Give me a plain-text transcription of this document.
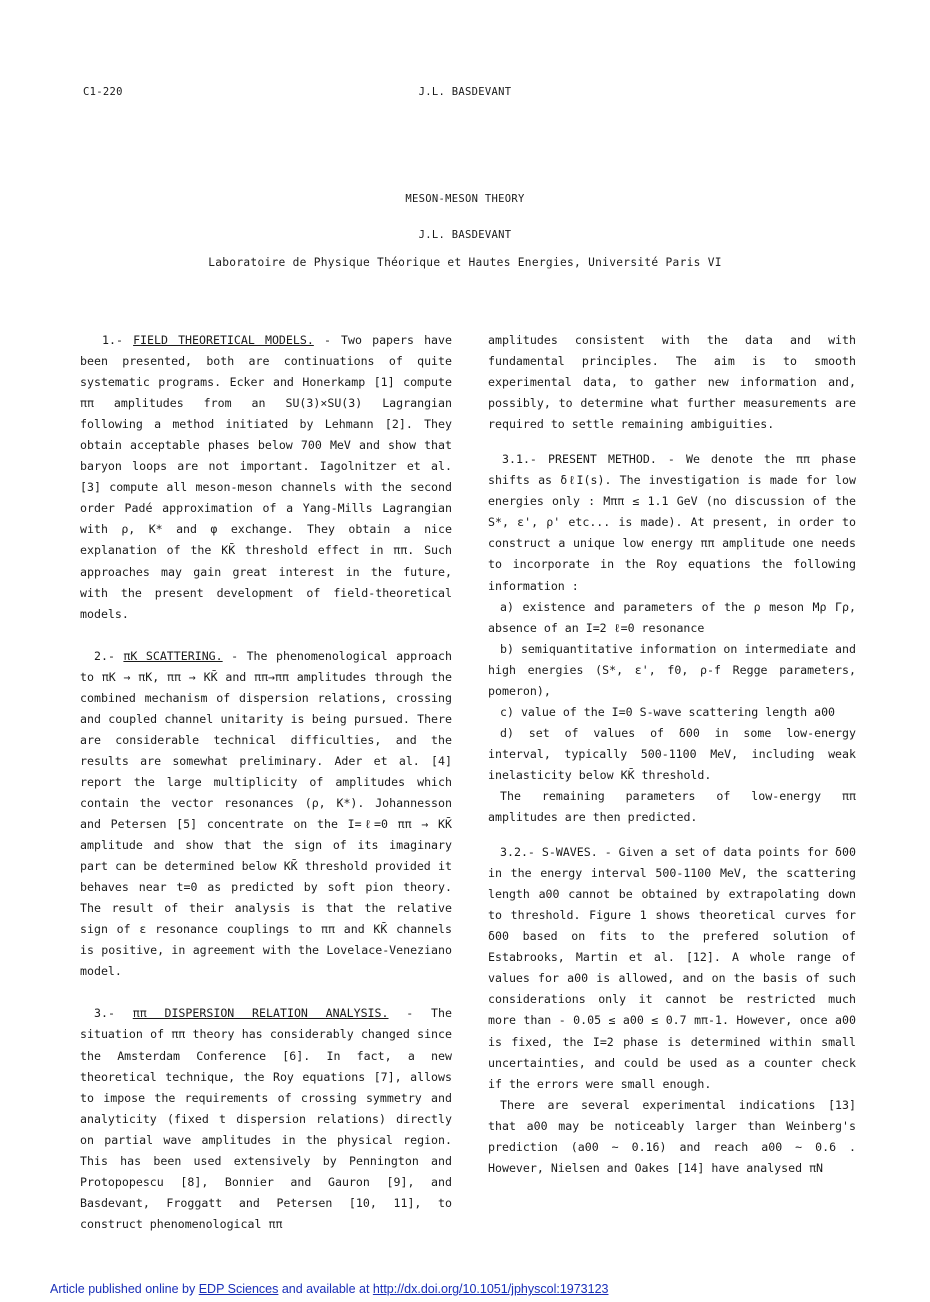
C1-220	J.L. BASDEVANT
MESON-MESON THEORY
J.L. BASDEVANT
Laboratoire de Physique Théorique et Hautes Energies, Université Paris VI

1.- FIELD THEORETICAL MODELS. - Two papers have been presented, both are continuations of quite systematic programs. Ecker and Honerkamp [1] compute ππ amplitudes from an SU(3)×SU(3) Lagrangian following a method initiated by Lehmann [2]. They obtain acceptable phases below 700 MeV and show that baryon loops are not important. Iagolnitzer et al. [3] compute all meson-meson channels with the second order Padé approximation of a Yang-Mills Lagrangian with ρ, K* and φ exchange. They obtain a nice explanation of the KK̄ threshold effect in ππ. Such approaches may gain great interest in the future, with the present development of field-theoretical models.

2.- πK SCATTERING. - The phenomenological approach to πK → πK, ππ → KK̄ and ππ→ππ amplitudes through the combined mechanism of dispersion relations, crossing and coupled channel unitarity is being pursued. There are considerable technical difficulties, and the results are somewhat preliminary. Ader et al. [4] report the large multiplicity of amplitudes which contain the vector resonances (ρ, K*). Johannesson and Petersen [5] concentrate on the I=ℓ=0 ππ → KK̄ amplitude and show that the sign of its imaginary part can be determined below KK̄ threshold provided it behaves near t=0 as predicted by soft pion theory. The result of their analysis is that the relative sign of ε resonance couplings to ππ and KK̄ channels is positive, in agreement with the Lovelace-Veneziano model.

3.- ππ DISPERSION RELATION ANALYSIS. - The situation of ππ theory has considerably changed since the Amsterdam Conference [6]. In fact, a new theoretical technique, the Roy equations [7], allows to impose the requirements of crossing symmetry and analyticity (fixed t dispersion relations) directly on partial wave amplitudes in the physical region. This has been used extensively by Pennington and Protopopescu [8], Bonnier and Gauron [9], and Basdevant, Froggatt and Petersen [10, 11], to construct phenomenological ππ

amplitudes consistent with the data and with fundamental principles. The aim is to smooth experimental data, to gather new information and, possibly, to determine what further measurements are required to settle remaining ambiguities.

3.1.- PRESENT METHOD. - We denote the ππ phase shifts as δℓI(s). The investigation is made for low energies only : Mππ ≤ 1.1 GeV (no discussion of the S*, ε', ρ' etc... is made). At present, in order to construct a unique low energy ππ amplitude one needs to incorporate in the Roy equations the following information :

a) existence and parameters of the ρ meson Mρ Γρ, absence of an I=2 ℓ=0 resonance

b) semiquantitative information on intermediate and high energies (S*, ε', f0, ρ-f Regge parameters, pomeron),

c) value of the I=0 S-wave scattering length a00

d) set of values of δ00 in some low-energy interval, typically 500-1100 MeV, including weak inelasticity below KK̄ threshold.

The remaining parameters of low-energy ππ amplitudes are then predicted.

3.2.- S-WAVES. - Given a set of data points for δ00 in the energy interval 500-1100 MeV, the scattering length a00 cannot be obtained by extrapolating down to threshold. Figure 1 shows theoretical curves for δ00 based on fits to the prefered solution of Estabrooks, Martin et al. [12]. A whole range of values for a00 is allowed, and on the basis of such considerations only it cannot be restricted much more than - 0.05 ≤ a00 ≤ 0.7 mπ-1. However, once a00 is fixed, the I=2 phase is determined within small uncertainties, and could be used as a counter check if the errors were small enough.

There are several experimental indications [13] that a00 may be noticeably larger than Weinberg's prediction (a00 ~ 0.16) and reach a00 ~ 0.6 . However, Nielsen and Oakes [14] have analysed πN

Article published online by EDP Sciences and available at http://dx.doi.org/10.1051/jphyscol:1973123
